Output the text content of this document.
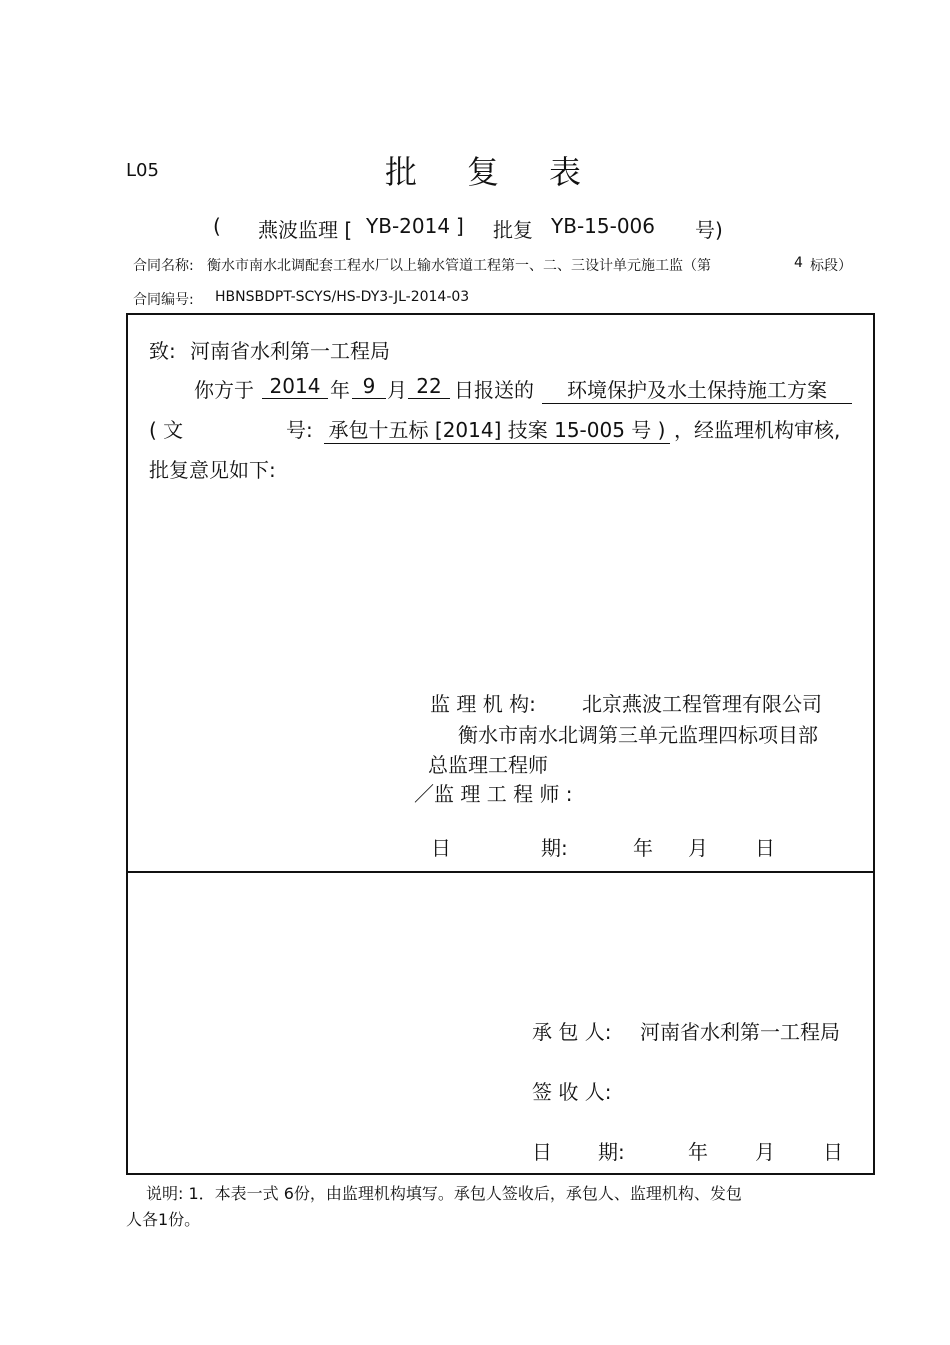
L05	批 复 表
( 燕波监理 [ YB-2014 ] 批复 YB-15-006 号)
合同名称: 衡水市南水北调配套工程水厂以上输水管道工程第一、二、三设计单元施工监（第	4 标段）
合同编号: HBNSBDPT-SCYS/HS-DY3-JL-2014-03
致: 河南省水利第一工程局
你方于 2014 年 9 月 22 日报送的	环境保护及水土保持施工方案
( 文	号: 承包十五标 [2014] 技案 15-005 号 ) ，经监理机构审核,
批复意见如下:
监 理 机 构: 北京燕波工程管理有限公司
衡水市南水北调第三单元监理四标项目部
总监理工程师
／监 理 工 程 师 :
日	期:	年 月 日
承 包 人: 河南省水利第一工程局
签 收 人:
日 期:	年 月 日
说明: 1．本表一式 6份，由监理机构填写。承包人签收后，承包人、监理机构、发包
人各1份。
